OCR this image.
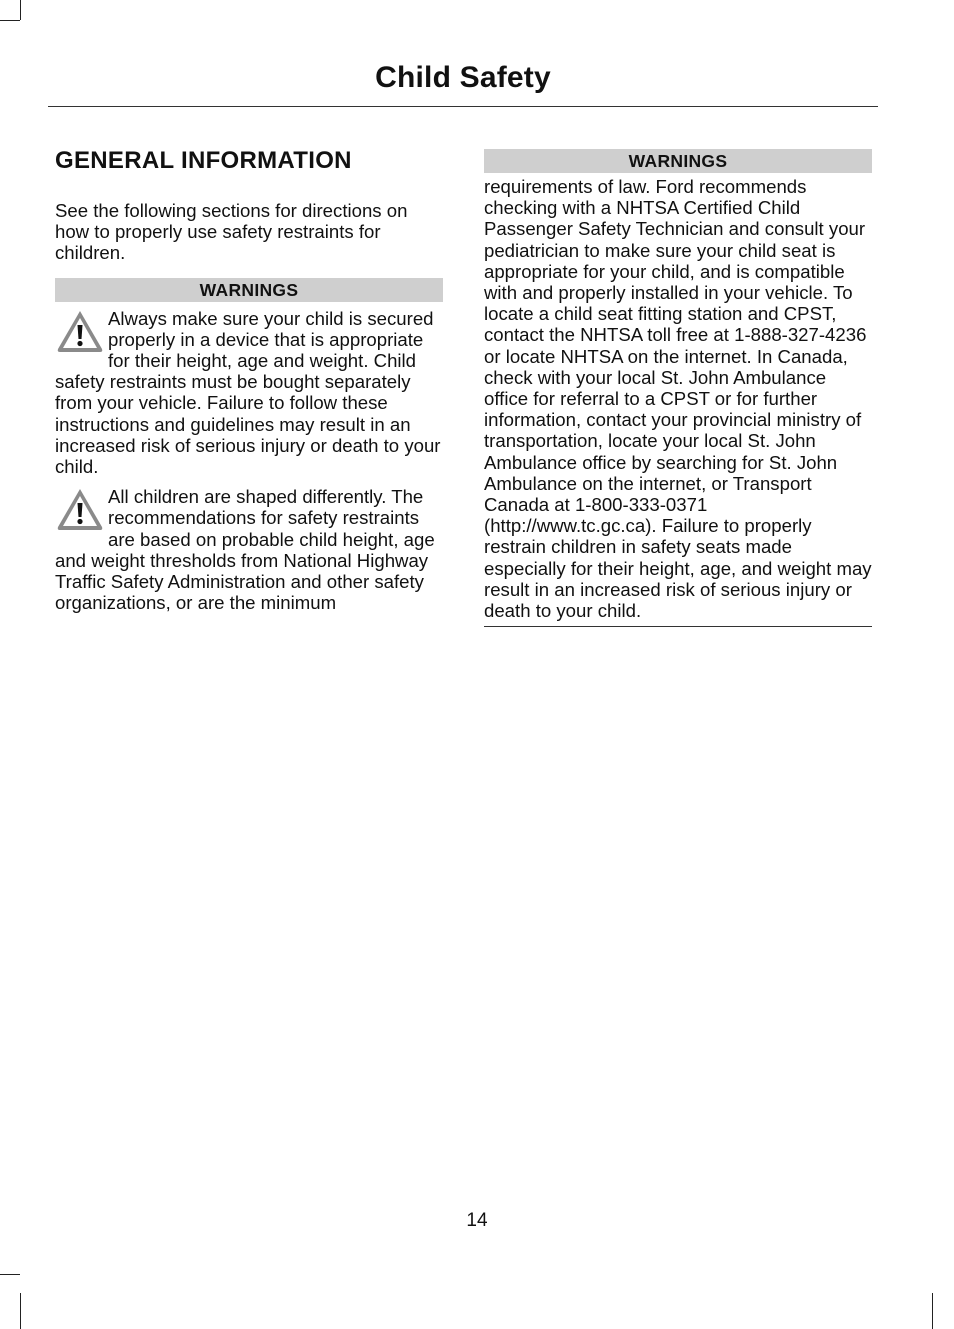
Child Safety
GENERAL INFORMATION

See the following sections for directions on how to properly use safety restraints for children.

WARNINGS

Always make sure your child is secured properly in a device that is appropriate for their height, age and weight. Child safety restraints must be bought separately from your vehicle. Failure to follow these instructions and guidelines may result in an increased risk of serious injury or death to your child.

All children are shaped differently. The recommendations for safety restraints are based on probable child height, age and weight thresholds from National Highway Traffic Safety Administration and other safety organizations, or are the minimum

WARNINGS

requirements of law. Ford recommends checking with a NHTSA Certified Child Passenger Safety Technician and consult your pediatrician to make sure your child seat is appropriate for your child, and is compatible with and properly installed in your vehicle. To locate a child seat fitting station and CPST, contact the NHTSA toll free at 1-888-327-4236 or locate NHTSA on the internet. In Canada, check with your local St. John Ambulance office for referral to a CPST or for further information, contact your provincial ministry of transportation, locate your local St. John Ambulance office by searching for St. John Ambulance on the internet, or Transport Canada at 1-800-333-0371 (http://www.tc.gc.ca). Failure to properly restrain children in safety seats made especially for their height, age, and weight may result in an increased risk of serious injury or death to your child.

14
